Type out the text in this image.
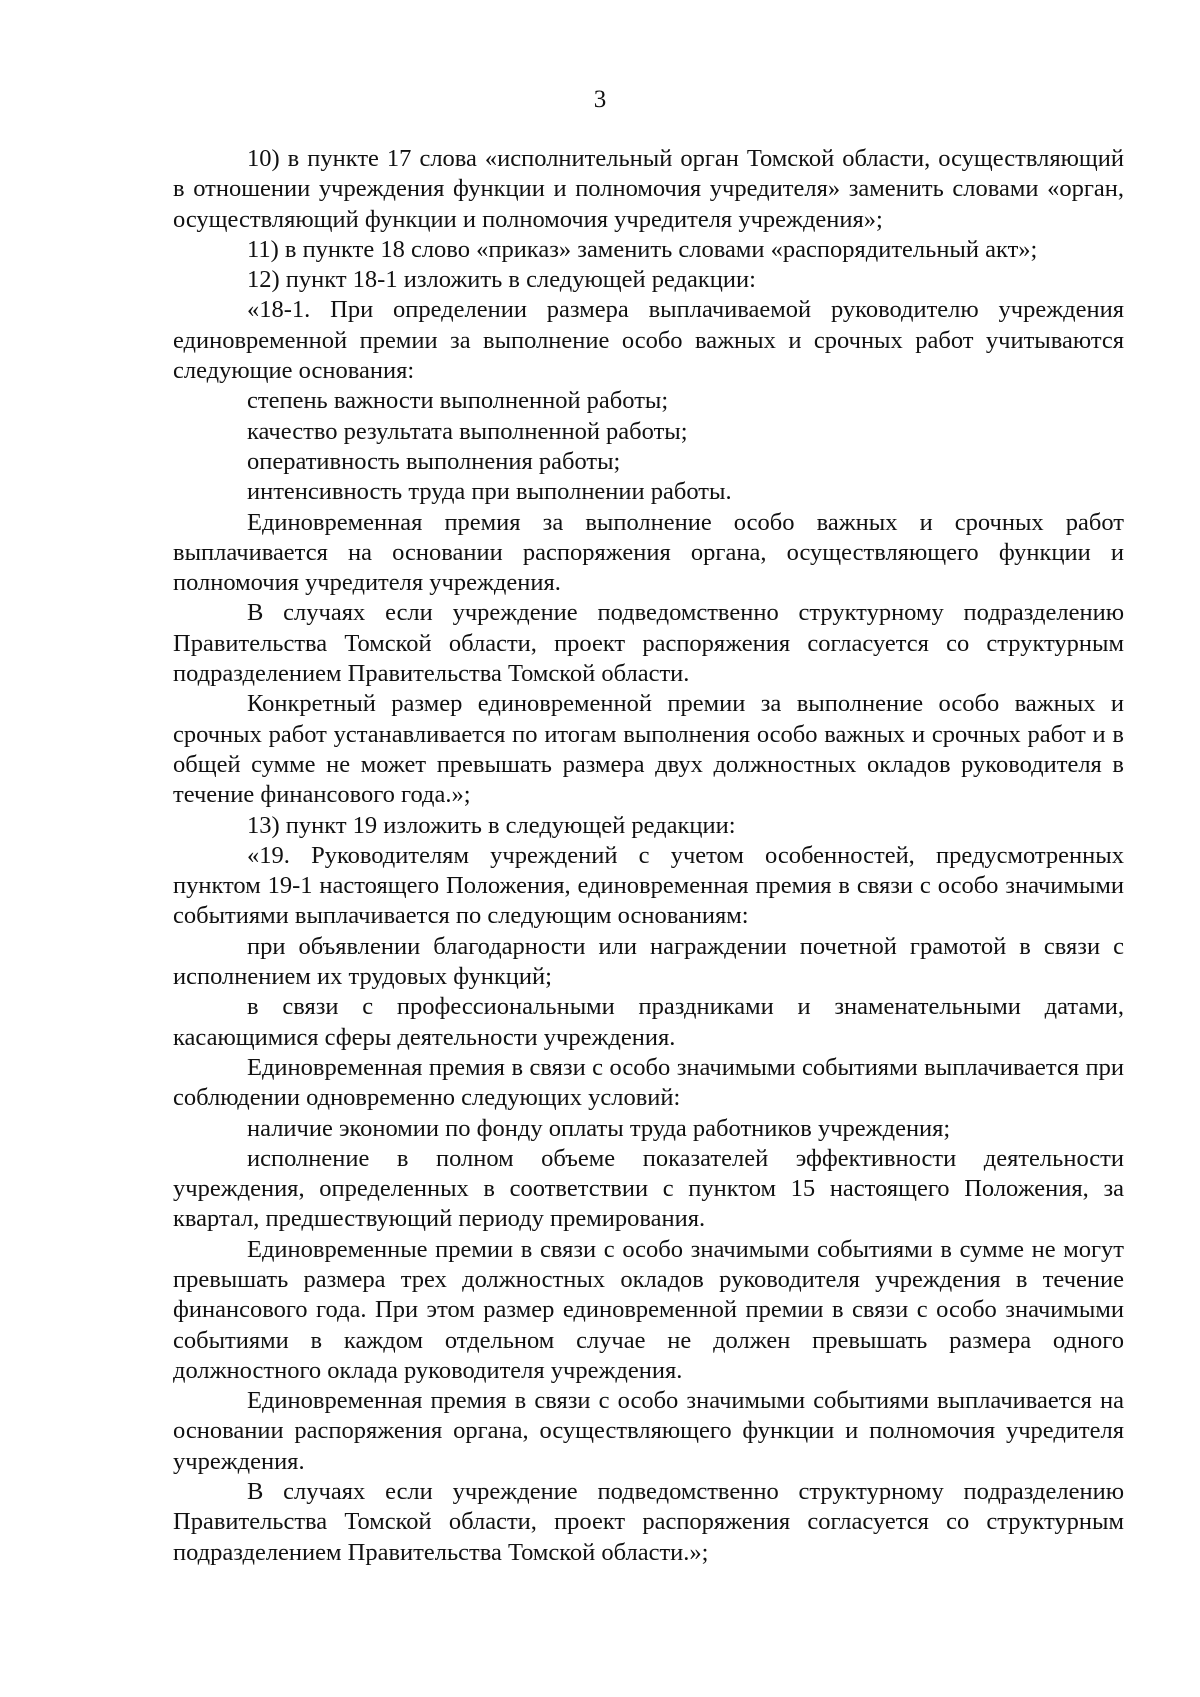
3

10) в пункте 17 слова «исполнительный орган Томской области, осуществляющий в отношении учреждения функции и полномочия учредителя» заменить словами «орган, осуществляющий функции и полномочия учредителя учреждения»;

11) в пункте 18 слово «приказ» заменить словами «распорядительный акт»;

12) пункт 18-1 изложить в следующей редакции:

«18-1. При определении размера выплачиваемой руководителю учреждения единовременной премии за выполнение особо важных и срочных работ учитываются следующие основания:

степень важности выполненной работы;

качество результата выполненной работы;

оперативность выполнения работы;

интенсивность труда при выполнении работы.

Единовременная премия за выполнение особо важных и срочных работ выплачивается на основании распоряжения органа, осуществляющего функции и полномочия учредителя учреждения.

В случаях если учреждение подведомственно структурному подразделению Правительства Томской области, проект распоряжения согласуется со структурным подразделением Правительства Томской области.

Конкретный размер единовременной премии за выполнение особо важных и срочных работ устанавливается по итогам выполнения особо важных и срочных работ и в общей сумме не может превышать размера двух должностных окладов руководителя в течение финансового года.»;

13) пункт 19 изложить в следующей редакции:

«19. Руководителям учреждений с учетом особенностей, предусмотренных пунктом 19-1 настоящего Положения, единовременная премия в связи с особо значимыми событиями выплачивается по следующим основаниям:

при объявлении благодарности или награждении почетной грамотой в связи с исполнением их трудовых функций;

в связи с профессиональными праздниками и знаменательными датами, касающимися сферы деятельности учреждения.

Единовременная премия в связи с особо значимыми событиями выплачивается при соблюдении одновременно следующих условий:

наличие экономии по фонду оплаты труда работников учреждения;

исполнение в полном объеме показателей эффективности деятельности учреждения, определенных в соответствии с пунктом 15 настоящего Положения, за квартал, предшествующий периоду премирования.

Единовременные премии в связи с особо значимыми событиями в сумме не могут превышать размера трех должностных окладов руководителя учреждения в течение финансового года. При этом размер единовременной премии в связи с особо значимыми событиями в каждом отдельном случае не должен превышать размера одного должностного оклада руководителя учреждения.

Единовременная премия в связи с особо значимыми событиями выплачивается на основании распоряжения органа, осуществляющего функции и полномочия учредителя учреждения.

В случаях если учреждение подведомственно структурному подразделению Правительства Томской области, проект распоряжения согласуется со структурным подразделением Правительства Томской области.»;
